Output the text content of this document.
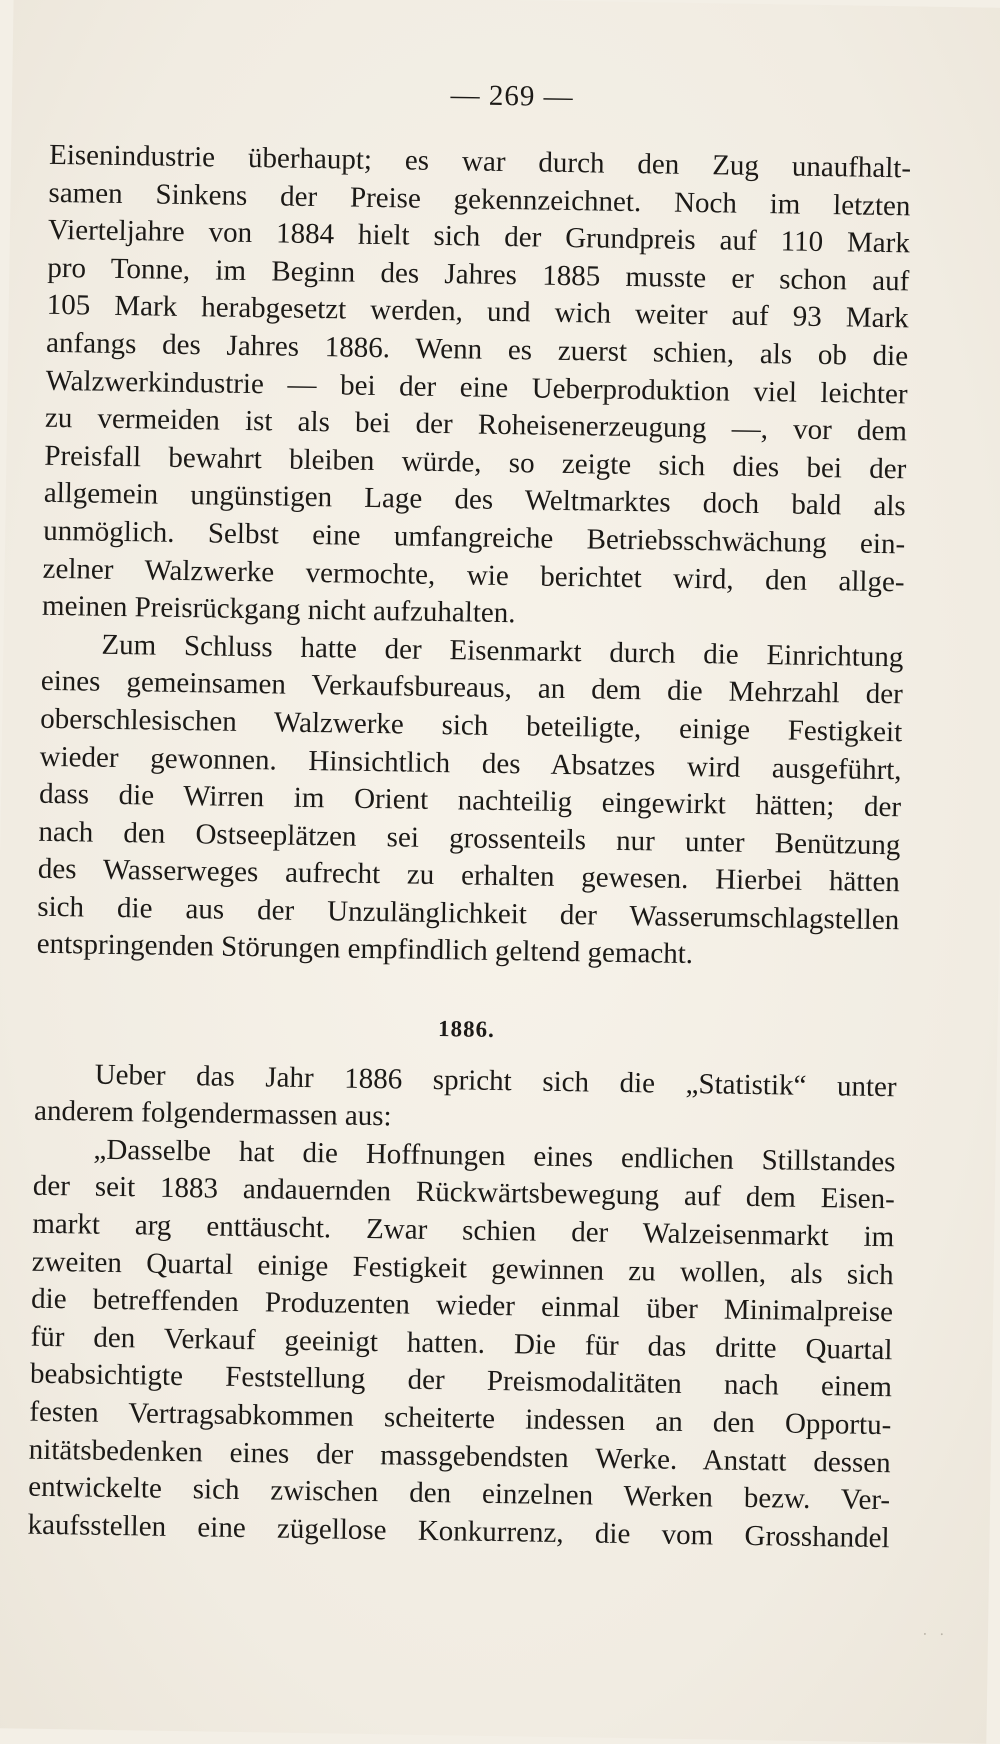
— 269 —
Eisenindustrie überhaupt; es war durch den Zug unaufhalt-
samen Sinkens der Preise gekennzeichnet. Noch im letzten
Vierteljahre von 1884 hielt sich der Grundpreis auf 110 Mark
pro Tonne, im Beginn des Jahres 1885 musste er schon auf
105 Mark herabgesetzt werden, und wich weiter auf 93 Mark
anfangs des Jahres 1886. Wenn es zuerst schien, als ob die
Walzwerkindustrie — bei der eine Ueberproduktion viel leichter
zu vermeiden ist als bei der Roheisenerzeugung —, vor dem
Preisfall bewahrt bleiben würde, so zeigte sich dies bei der
allgemein ungünstigen Lage des Weltmarktes doch bald als
unmöglich. Selbst eine umfangreiche Betriebsschwächung ein-
zelner Walzwerke vermochte, wie berichtet wird, den allge-
meinen Preisrückgang nicht aufzuhalten.
Zum Schluss hatte der Eisenmarkt durch die Einrichtung
eines gemeinsamen Verkaufsbureaus, an dem die Mehrzahl der
oberschlesischen Walzwerke sich beteiligte, einige Festigkeit
wieder gewonnen. Hinsichtlich des Absatzes wird ausgeführt,
dass die Wirren im Orient nachteilig eingewirkt hätten; der
nach den Ostseeplätzen sei grossenteils nur unter Benützung
des Wasserweges aufrecht zu erhalten gewesen. Hierbei hätten
sich die aus der Unzulänglichkeit der Wasserumschlagstellen
entspringenden Störungen empfindlich geltend gemacht.
1886.
Ueber das Jahr 1886 spricht sich die „Statistik“ unter
anderem folgendermassen aus:
„Dasselbe hat die Hoffnungen eines endlichen Stillstandes
der seit 1883 andauernden Rückwärtsbewegung auf dem Eisen-
markt arg enttäuscht. Zwar schien der Walzeisenmarkt im
zweiten Quartal einige Festigkeit gewinnen zu wollen, als sich
die betreffenden Produzenten wieder einmal über Minimalpreise
für den Verkauf geeinigt hatten. Die für das dritte Quartal
beabsichtigte Feststellung der Preismodalitäten nach einem
festen Vertragsabkommen scheiterte indessen an den Opportu-
nitätsbedenken eines der massgebendsten Werke. Anstatt dessen
entwickelte sich zwischen den einzelnen Werken bezw. Ver-
kaufsstellen eine zügellose Konkurrenz, die vom Grosshandel
· ·
